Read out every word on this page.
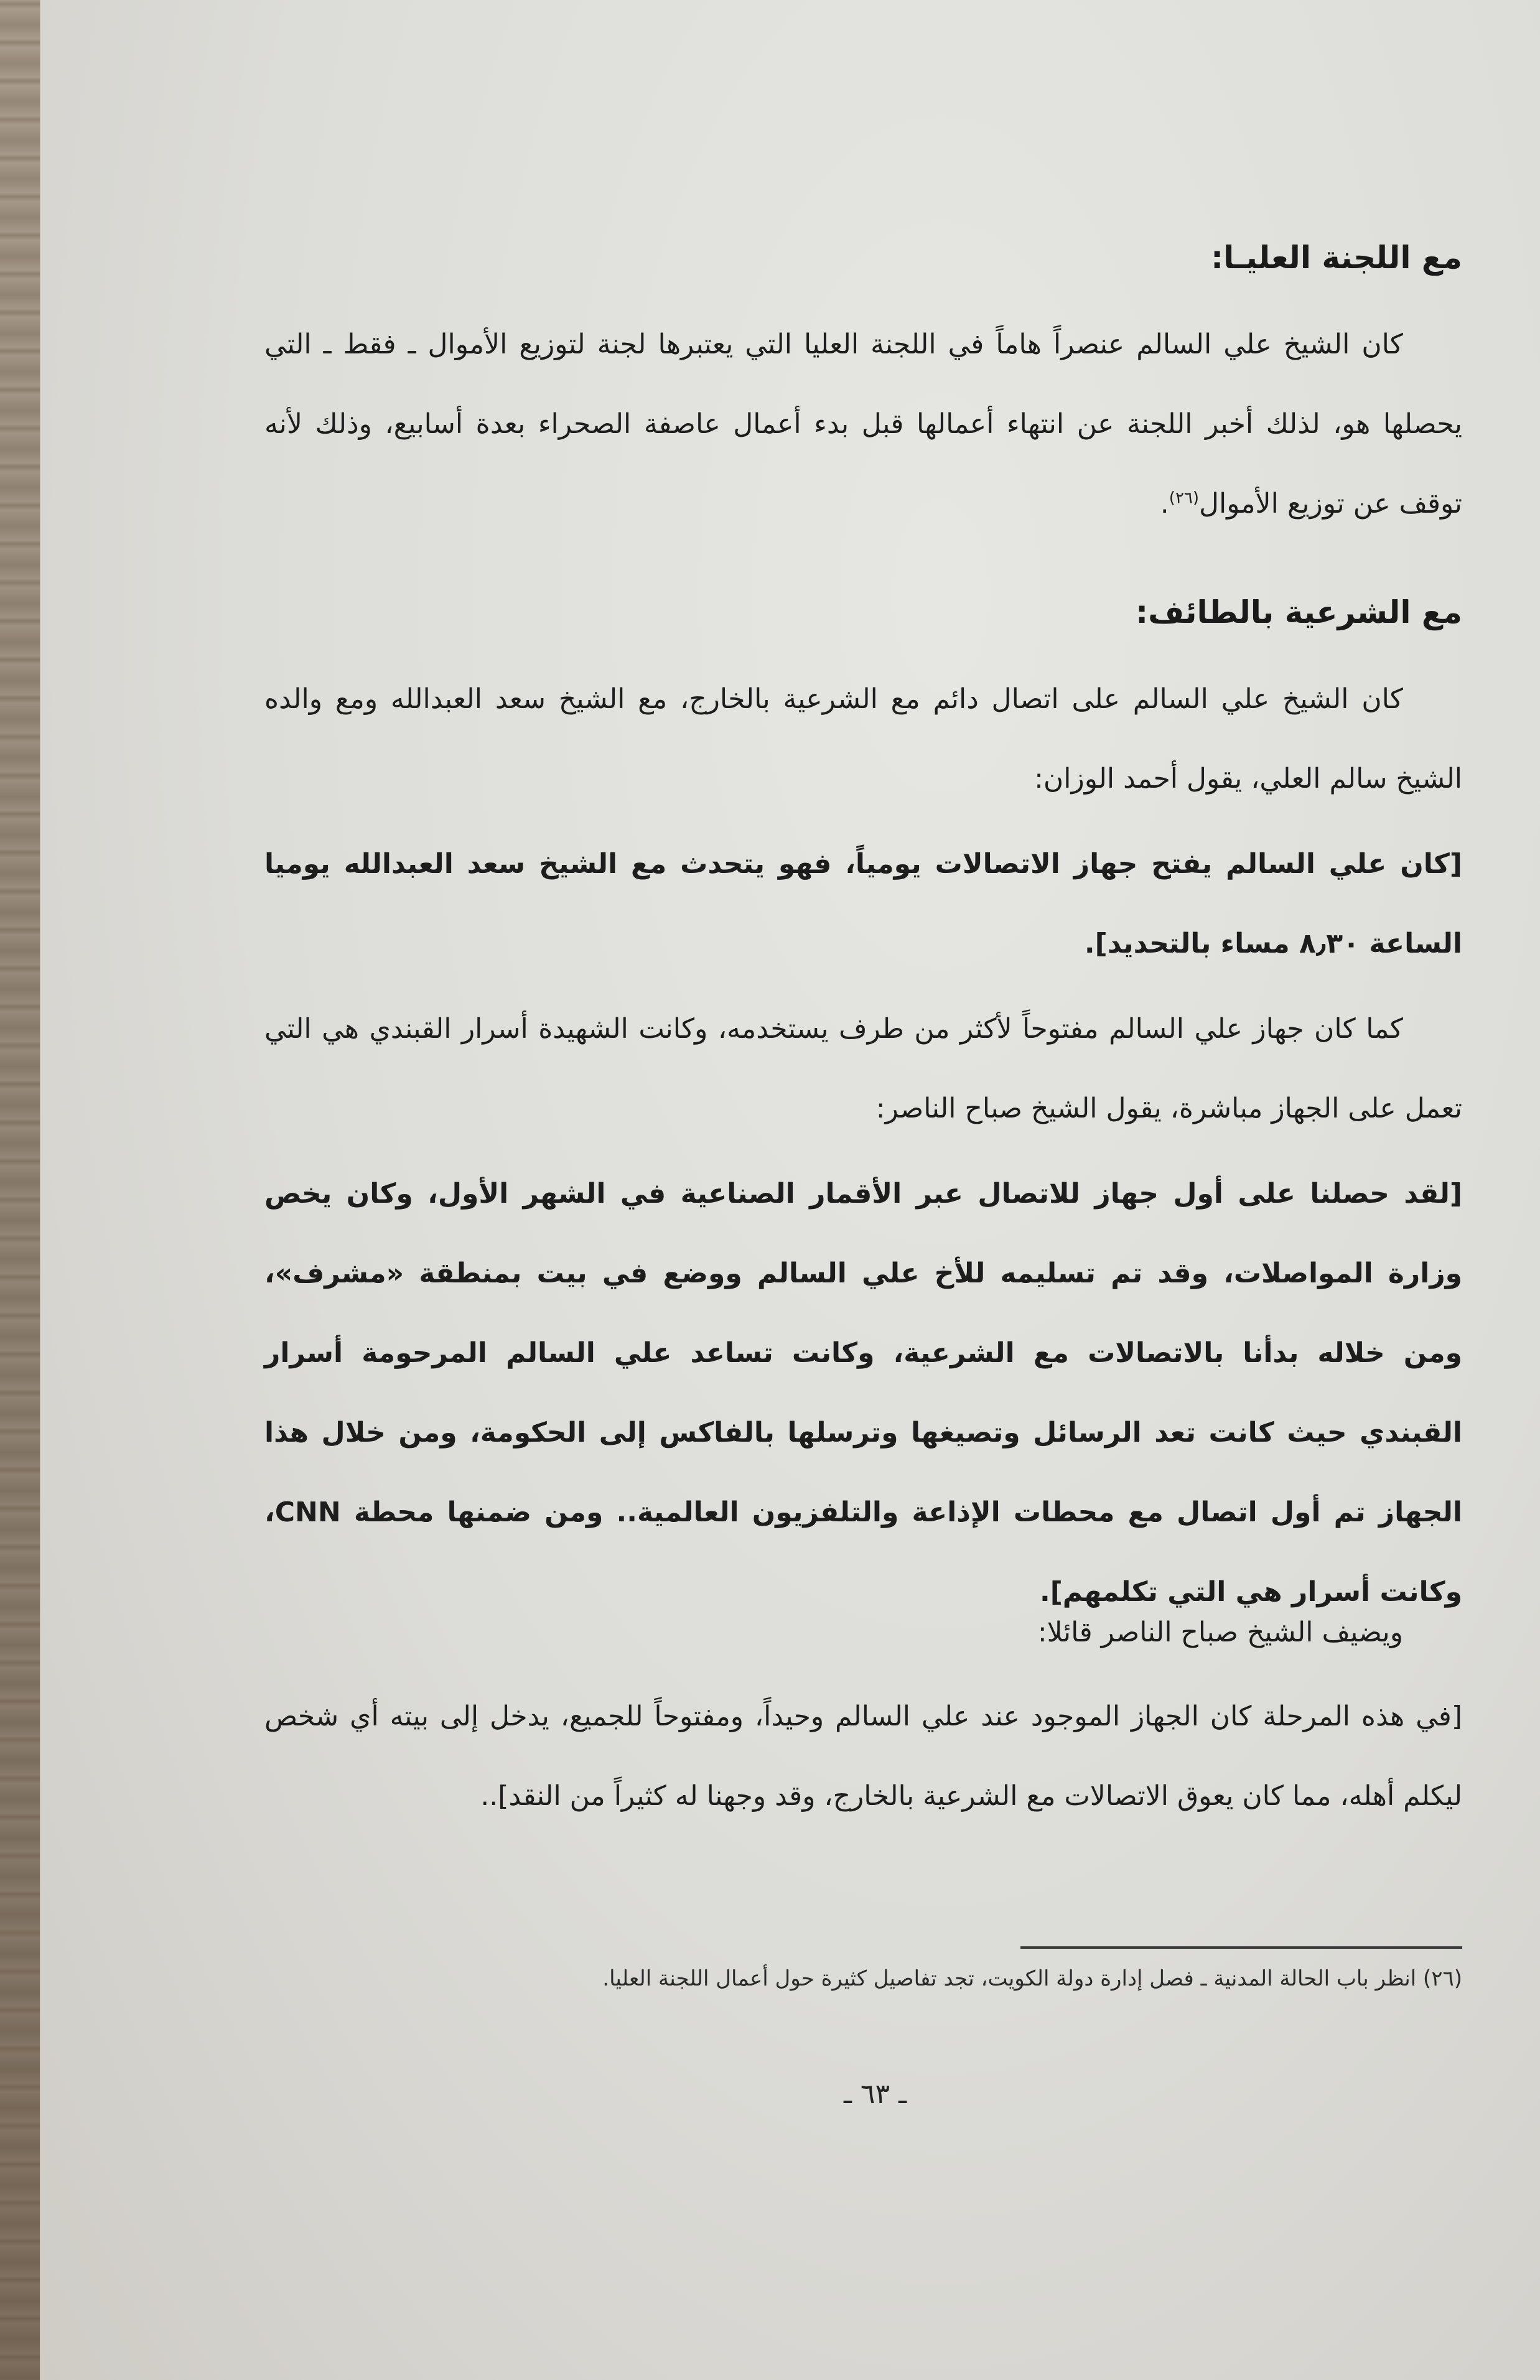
مع اللجنة العليـا:
كان الشيخ علي السالم عنصراً هاماً في اللجنة العليا التي يعتبرها لجنة لتوزيع الأموال ـ فقط ـ التي يحصلها هو، لذلك أخبر اللجنة عن انتهاء أعمالها قبل بدء أعمال عاصفة الصحراء بعدة أسابيع، وذلك لأنه توقف عن توزيع الأموال$^{(٢٦)}$.
مع الشرعية بالطائف:
كان الشيخ علي السالم على اتصال دائم مع الشرعية بالخارج، مع الشيخ سعد العبدالله ومع والده الشيخ سالم العلي، يقول أحمد الوزان:
[كان علي السالم يفتح جهاز الاتصالات يومياً، فهو يتحدث مع الشيخ سعد العبدالله يوميا الساعة ٨٫٣٠ مساء بالتحديد].
كما كان جهاز علي السالم مفتوحاً لأكثر من طرف يستخدمه، وكانت الشهيدة أسرار القبندي هي التي تعمل على الجهاز مباشرة، يقول الشيخ صباح الناصر:
[لقد حصلنا على أول جهاز للاتصال عبر الأقمار الصناعية في الشهر الأول، وكان يخص وزارة المواصلات، وقد تم تسليمه للأخ علي السالم ووضع في بيت بمنطقة «مشرف»، ومن خلاله بدأنا بالاتصالات مع الشرعية، وكانت تساعد علي السالم المرحومة أسرار القبندي حيث كانت تعد الرسائل وتصيغها وترسلها بالفاكس إلى الحكومة، ومن خلال هذا الجهاز تم أول اتصال مع محطات الإذاعة والتلفزيون العالمية.. ومن ضمنها محطة CNN، وكانت أسرار هي التي تكلمهم].
ويضيف الشيخ صباح الناصر قائلا:
[في هذه المرحلة كان الجهاز الموجود عند علي السالم وحيداً، ومفتوحاً للجميع، يدخل إلى بيته أي شخص ليكلم أهله، مما كان يعوق الاتصالات مع الشرعية بالخارج، وقد وجهنا له كثيراً من النقد]..
(٢٦) انظر باب الحالة المدنية ـ فصل إدارة دولة الكويت، تجد تفاصيل كثيرة حول أعمال اللجنة العليا.
ـ ٦٣ ـ
